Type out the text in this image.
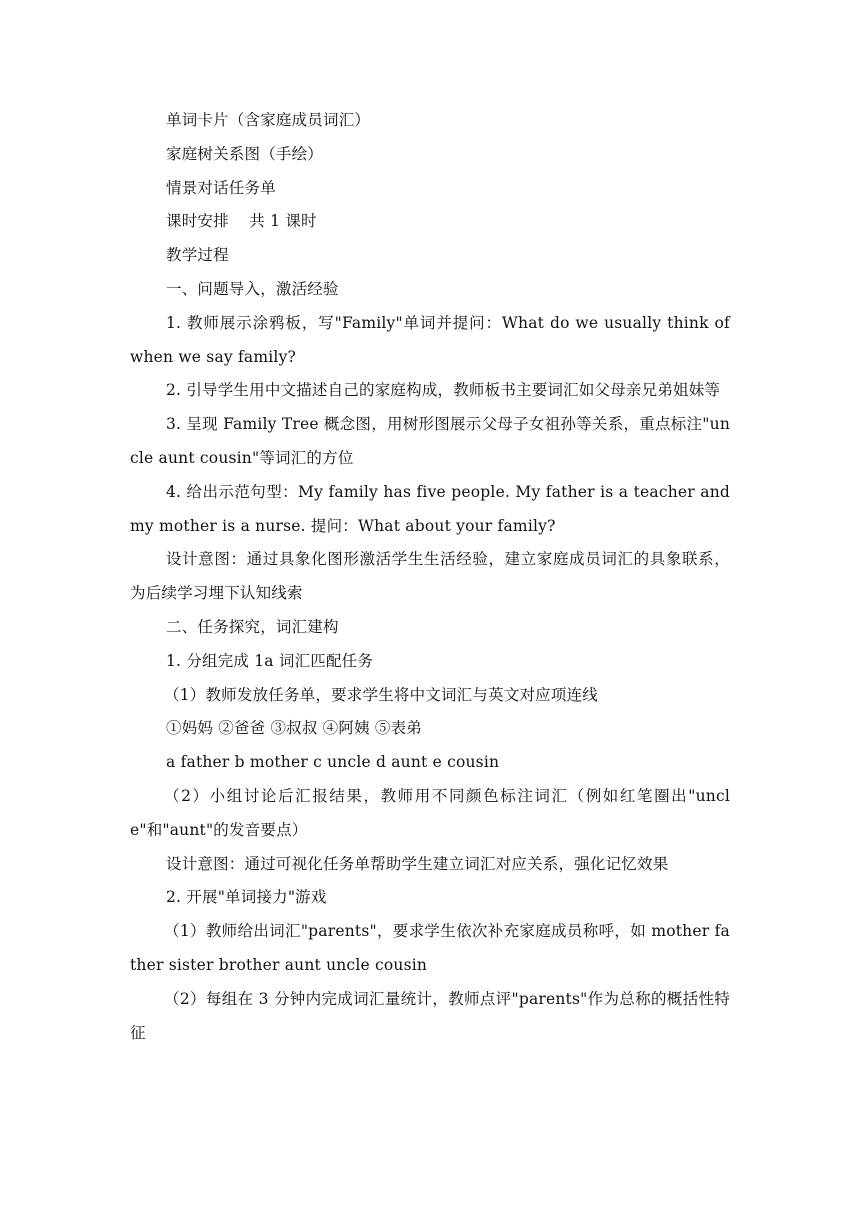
单词卡片（含家庭成员词汇）

家庭树关系图（手绘）

情景对话任务单

课时安排    共 1 课时

教学过程

一、问题导入，激活经验

1. 教师展示涂鸦板，写"Family"单词并提问：What do we usually think of when we say family?

2. 引导学生用中文描述自己的家庭构成，教师板书主要词汇如父母亲兄弟姐妹等

3. 呈现 Family Tree 概念图，用树形图展示父母子女祖孙等关系，重点标注"uncle aunt cousin"等词汇的方位

4. 给出示范句型：My family has five people. My father is a teacher and my mother is a nurse. 提问：What about your family?

设计意图：通过具象化图形激活学生生活经验，建立家庭成员词汇的具象联系，为后续学习埋下认知线索

二、任务探究，词汇建构

1. 分组完成 1a 词汇匹配任务

（1）教师发放任务单，要求学生将中文词汇与英文对应项连线

①妈妈 ②爸爸 ③叔叔 ④阿姨 ⑤表弟

a father b mother c uncle d aunt e cousin

（2）小组讨论后汇报结果，教师用不同颜色标注词汇（例如红笔圈出"uncle"和"aunt"的发音要点）

设计意图：通过可视化任务单帮助学生建立词汇对应关系，强化记忆效果

2. 开展"单词接力"游戏

（1）教师给出词汇"parents"，要求学生依次补充家庭成员称呼，如 mother father sister brother aunt uncle cousin

（2）每组在 3 分钟内完成词汇量统计，教师点评"parents"作为总称的概括性特征
